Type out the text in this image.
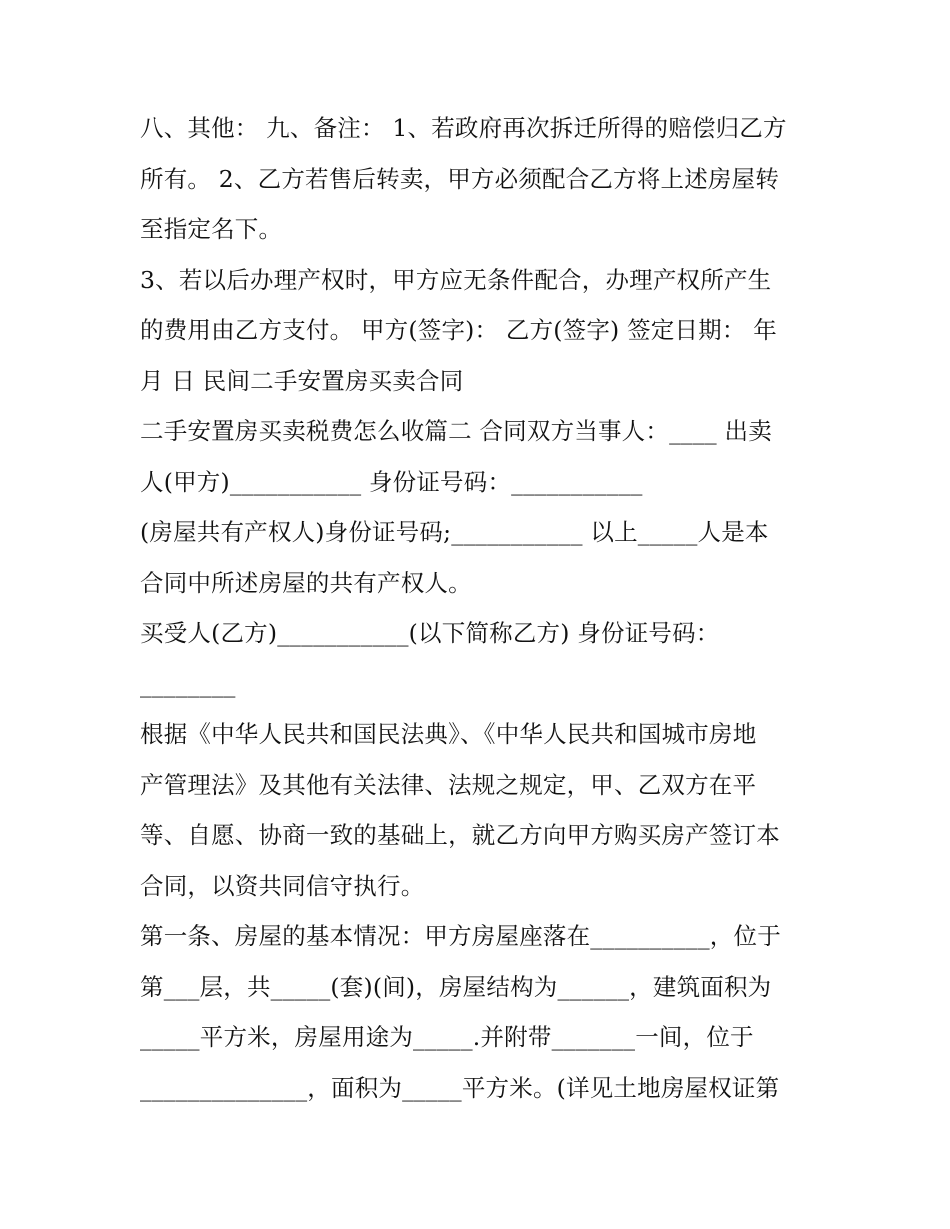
八、其他： 九、备注： 1、若政府再次拆迁所得的赔偿归乙方
所有。 2、乙方若售后转卖，甲方必须配合乙方将上述房屋转
至指定名下。
3、若以后办理产权时，甲方应无条件配合，办理产权所产生
的费用由乙方支付。 甲方(签字)： 乙方(签字) 签定日期： 年
月 日 民间二手安置房买卖合同
二手安置房买卖税费怎么收篇二 合同双方当事人：____ 出卖
人(甲方)___________ 身份证号码：___________
(房屋共有产权人)身份证号码;___________ 以上_____人是本
合同中所述房屋的共有产权人。
买受人(乙方)___________(以下简称乙方) 身份证号码：
________
根据《中华人民共和国民法典》、《中华人民共和国城市房地
产管理法》及其他有关法律、法规之规定，甲、乙双方在平
等、自愿、协商一致的基础上，就乙方向甲方购买房产签订本
合同，以资共同信守执行。
第一条、房屋的基本情况：甲方房屋座落在__________，位于
第___层，共_____(套)(间)，房屋结构为______，建筑面积为
_____平方米，房屋用途为_____.并附带_______一间，位于
______________，面积为_____平方米。(详见土地房屋权证第
